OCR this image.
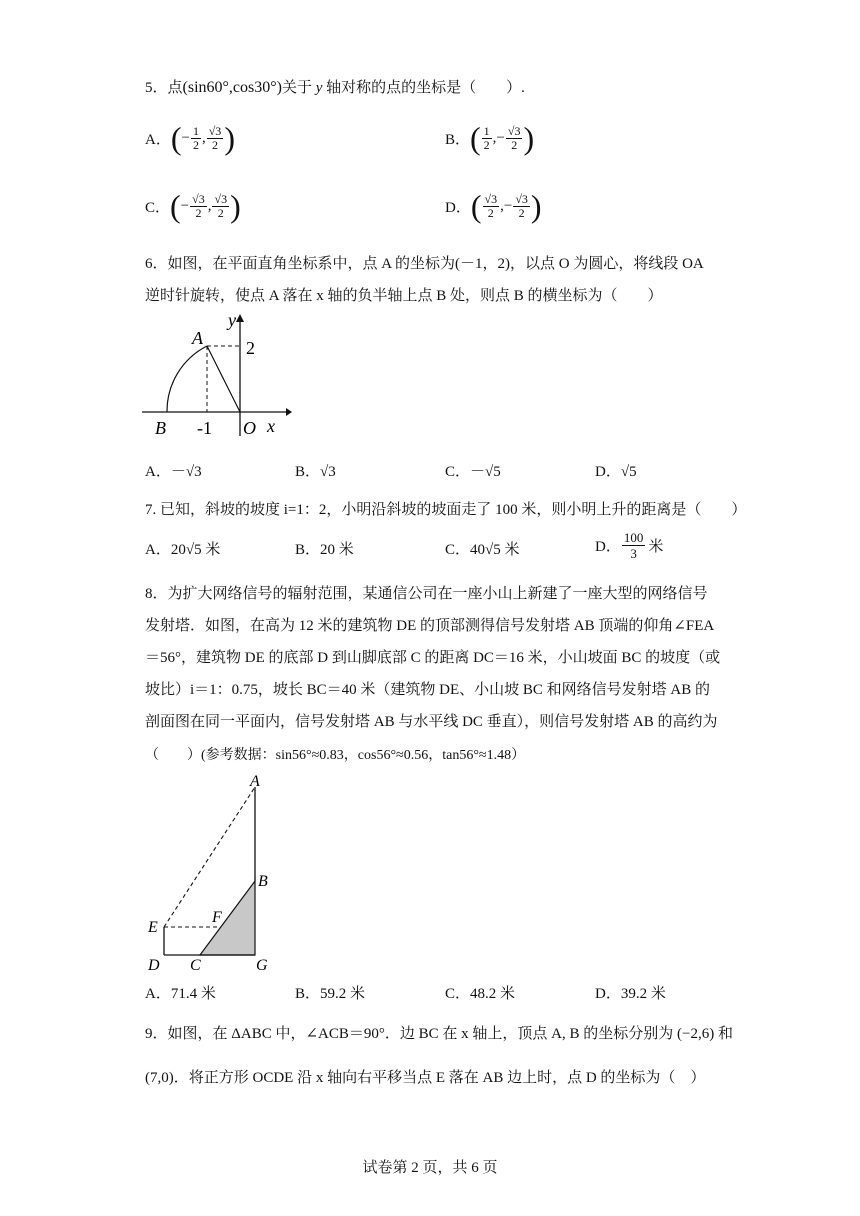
5．点(sin60°,cos30°)关于 y 轴对称的点的坐标是（　　）.
A． ( − $\frac{1}{2}$ , $\frac{√3}{2}$ )	B． ( $\frac{1}{2}$ , − $\frac{√3}{2}$ )
C． ( − $\frac{√3}{2}$ , $\frac{√3}{2}$ )	D． ( $\frac{√3}{2}$ , − $\frac{√3}{2}$ )
6．如图，在平面直角坐标系中，点 A 的坐标为(－1，2)，以点 O 为圆心，将线段 OA
逆时针旋转，使点 A 落在 x 轴的负半轴上点 B 处，则点 B 的横坐标为（　　）
A
y
2
B -1 O x
A．－√3	B．√3	C．－√5	D．√5
7. 已知，斜坡的坡度 i=1：2，小明沿斜坡的坡面走了 100 米，则小明上升的距离是（　　）
A．20√5 米	B．20 米	C．40√5 米	D． $\frac{100}{3}$ 米
8．为扩大网络信号的辐射范围，某通信公司在一座小山上新建了一座大型的网络信号
发射塔．如图，在高为 12 米的建筑物 DE 的顶部测得信号发射塔 AB 顶端的仰角∠FEA
＝56°，建筑物 DE 的底部 D 到山脚底部 C 的距离 DC＝16 米，小山坡面 BC 的坡度（或
坡比）i＝1：0.75，坡长 BC＝40 米（建筑物 DE、小山坡 BC 和网络信号发射塔 AB 的
剖面图在同一平面内，信号发射塔 AB 与水平线 DC 垂直），则信号发射塔 AB 的高约为
（　　）(参考数据：sin56°≈0.83，cos56°≈0.56，tan56°≈1.48）
A
B
E
F
D C	G
A．71.4 米	B．59.2 米	C．48.2 米	D．39.2 米
9．如图，在 ΔABC 中，∠ACB＝90°．边 BC 在 x 轴上，顶点 A, B 的坐标分别为 (−2,6) 和
(7,0)．将正方形 OCDE 沿 x 轴向右平移当点 E 落在 AB 边上时，点 D 的坐标为（　）
试卷第 2 页，共 6 页
